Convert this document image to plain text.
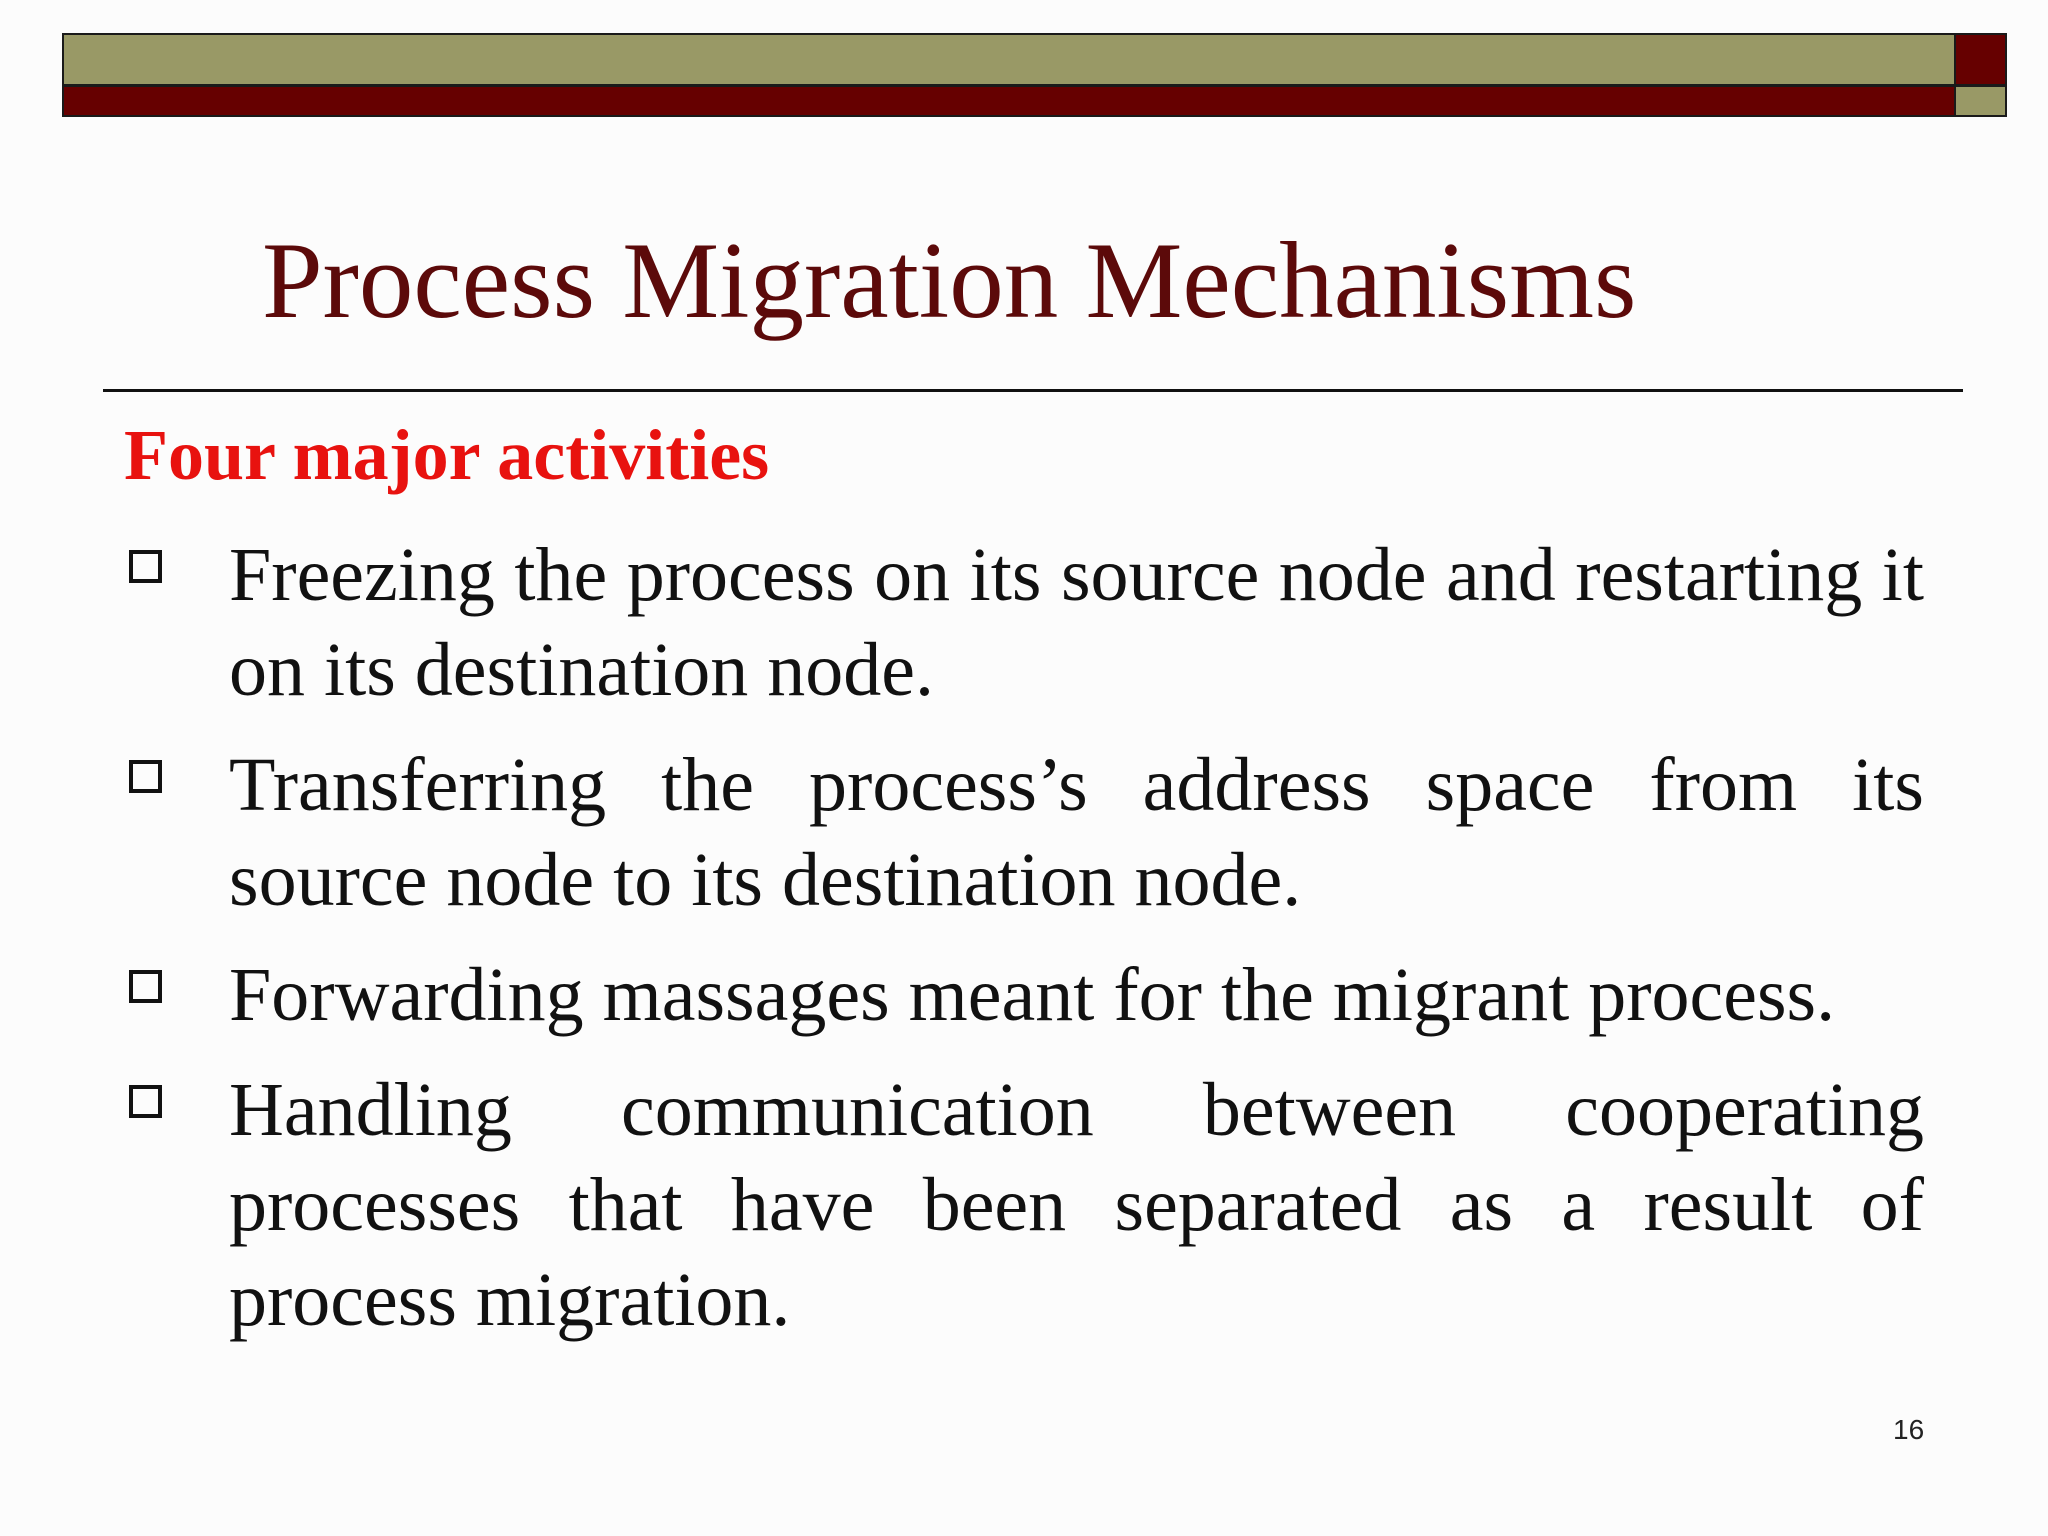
Process Migration Mechanisms
Four major activities
Freezing the process on its source node and restarting it on its destination node.
Transferring the process’s address space from its source node to its destination node.
Forwarding massages meant for the migrant process.
Handling communication between cooperating processes that have been separated as a result of process migration.
16
